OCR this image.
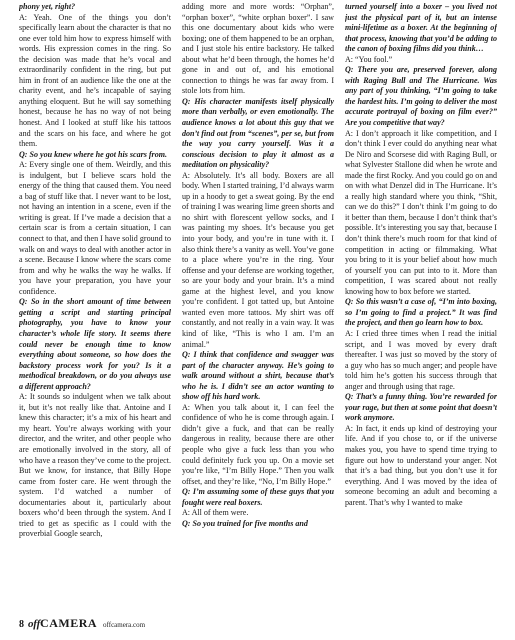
phony yet, right?

A: Yeah. One of the things you don’t specifically learn about the character is that no one ever told him how to express himself with words. His expression comes in the ring. So the decision was made that he’s vocal and extraordinarily confident in the ring, but put him in front of an audience like the one at the charity event, and he’s incapable of saying anything eloquent. But he will say something honest, because he has no way of not being honest. And I looked at stuff like his tattoos and the scars on his face, and where he got them.

Q: So you knew where he got his scars from.

A: Every single one of them. Weirdly, and this is indulgent, but I believe scars hold the energy of the thing that caused them. You need a bag of stuff like that. I never want to be lost, not having an intention in a scene, even if the writing is great. If I’ve made a decision that a certain scar is from a certain situation, I can connect to that, and then I have solid ground to walk on and ways to deal with another actor in a scene. Because I know where the scars come from and why he walks the way he walks. If you have your preparation, you have your confidence.

Q: So in the short amount of time between getting a script and starting principal photography, you have to know your character’s whole life story. It seems there could never be enough time to know everything about someone, so how does the backstory process work for you? Is it a methodical breakdown, or do you always use a different approach?

A: It sounds so indulgent when we talk about it, but it’s not really like that. Antoine and I knew this character; it’s a mix of his heart and my heart. You’re always working with your director, and the writer, and other people who are emotionally involved in the story, all of who have a reason they’ve come to the project. But we know, for instance, that Billy Hope came from foster care. He went through the system. I’d watched a number of documentaries about it, particularly about boxers who’d been through the system. And I tried to get as specific as I could with the proverbial Google search,

adding more and more words: “Orphan”, “orphan boxer”, “white orphan boxer”. I saw this one documentary about kids who were boxing; one of them happened to be an orphan, and I just stole his entire backstory. He talked about what he’d been through, the homes he’d gone in and out of, and his emotional connection to things he was far away from. I stole lots from him.

Q: His character manifests itself physically more than verbally, or even emotionally. The audience knows a lot about this guy that we don’t find out from “scenes”, per se, but from the way you carry yourself. Was it a conscious decision to play it almost as a meditation on physicality?

A: Absolutely. It’s all body. Boxers are all body. When I started training, I’d always warm up in a hoody to get a sweat going. By the end of training I was wearing lime green shorts and no shirt with florescent yellow socks, and I was painting my shoes. It’s because you get into your body, and you’re in tune with it. I also think there’s a vanity as well. You’ve gone to a place where you’re in the ring. Your offense and your defense are working together, so are your body and your brain. It’s a mind game at the highest level, and you know you’re confident. I got tatted up, but Antoine wanted even more tattoos. My shirt was off constantly, and not really in a vain way. It was kind of like, “This is who I am. I’m an animal.”

Q: I think that confidence and swagger was part of the character anyway. He’s going to walk around without a shirt, because that’s who he is. I didn’t see an actor wanting to show off his hard work.

A: When you talk about it, I can feel the confidence of who he is come through again. I didn’t give a fuck, and that can be really dangerous in reality, because there are other people who give a fuck less than you who could definitely fuck you up. On a movie set you’re like, “I’m Billy Hope.” Then you walk offset, and they’re like, “No, I’m Billy Hope.”

Q: I’m assuming some of these guys that you fought were real boxers.

A: All of them were.

Q: So you trained for five months and

turned yourself into a boxer – you lived not just the physical part of it, but an intense mini-lifetime as a boxer. At the beginning of that process, knowing that you’d be adding to the canon of boxing films did you think…

A: “You fool.”

Q: There you are, preserved forever, along with Raging Bull and The Hurricane. Was any part of you thinking, “I’m going to take the hardest hits. I’m going to deliver the most accurate portrayal of boxing on film ever?” Are you competitive that way?

A: I don’t approach it like competition, and I don’t think I ever could do anything near what De Niro and Scorsese did with Raging Bull, or what Sylvester Stallone did when he wrote and made the first Rocky. And you could go on and on with what Denzel did in The Hurricane. It’s a really high standard where you think, “Shit, can we do this?” I don’t think I’m going to do it better than them, because I don’t think that’s possible. It’s interesting you say that, because I don’t think there’s much room for that kind of competition in acting or filmmaking. What you bring to it is your belief about how much of yourself you can put into to it. More than competition, I was scared about not really knowing how to box before we started.

Q: So this wasn’t a case of, “I’m into boxing, so I’m going to find a project.” It was find the project, and then go learn how to box.

A: I cried three times when I read the initial script, and I was moved by every draft thereafter. I was just so moved by the story of a guy who has so much anger; and people have told him he’s gotten his success through that anger and through using that rage.

Q: That’s a funny thing. You’re rewarded for your rage, but then at some point that doesn’t work anymore.

A: In fact, it ends up kind of destroying your life. And if you chose to, or if the universe makes you, you have to spend time trying to figure out how to understand your anger. Not that it’s a bad thing, but you don’t use it for everything. And I was moved by the idea of someone becoming an adult and becoming a parent. That’s why I wanted to make

8 off CAMERA offcamera.com
